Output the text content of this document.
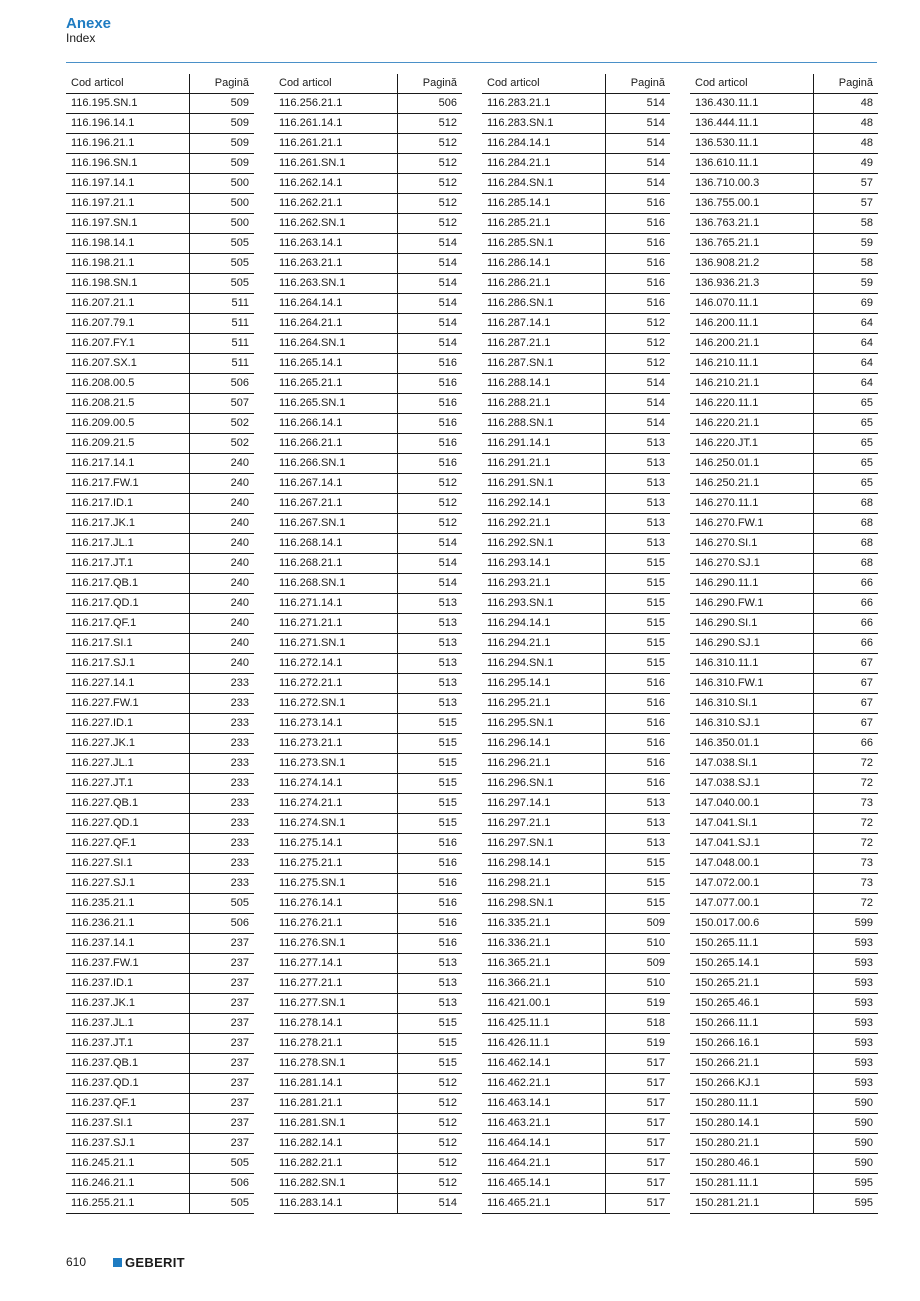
Anexe
Index
Cod articol	Pagină
116.195.SN.1	509
116.196.14.1	509
116.196.21.1	509
116.196.SN.1	509
116.197.14.1	500
116.197.21.1	500
116.197.SN.1	500
116.198.14.1	505
116.198.21.1	505
116.198.SN.1	505
116.207.21.1	511
116.207.79.1	511
116.207.FY.1	511
116.207.SX.1	511
116.208.00.5	506
116.208.21.5	507
116.209.00.5	502
116.209.21.5	502
116.217.14.1	240
116.217.FW.1	240
116.217.ID.1	240
116.217.JK.1	240
116.217.JL.1	240
116.217.JT.1	240
116.217.QB.1	240
116.217.QD.1	240
116.217.QF.1	240
116.217.SI.1	240
116.217.SJ.1	240
116.227.14.1	233
116.227.FW.1	233
116.227.ID.1	233
116.227.JK.1	233
116.227.JL.1	233
116.227.JT.1	233
116.227.QB.1	233
116.227.QD.1	233
116.227.QF.1	233
116.227.SI.1	233
116.227.SJ.1	233
116.235.21.1	505
116.236.21.1	506
116.237.14.1	237
116.237.FW.1	237
116.237.ID.1	237
116.237.JK.1	237
116.237.JL.1	237
116.237.JT.1	237
116.237.QB.1	237
116.237.QD.1	237
116.237.QF.1	237
116.237.SI.1	237
116.237.SJ.1	237
116.245.21.1	505
116.246.21.1	506
116.255.21.1	505
Cod articol	Pagină
116.256.21.1	506
116.261.14.1	512
116.261.21.1	512
116.261.SN.1	512
116.262.14.1	512
116.262.21.1	512
116.262.SN.1	512
116.263.14.1	514
116.263.21.1	514
116.263.SN.1	514
116.264.14.1	514
116.264.21.1	514
116.264.SN.1	514
116.265.14.1	516
116.265.21.1	516
116.265.SN.1	516
116.266.14.1	516
116.266.21.1	516
116.266.SN.1	516
116.267.14.1	512
116.267.21.1	512
116.267.SN.1	512
116.268.14.1	514
116.268.21.1	514
116.268.SN.1	514
116.271.14.1	513
116.271.21.1	513
116.271.SN.1	513
116.272.14.1	513
116.272.21.1	513
116.272.SN.1	513
116.273.14.1	515
116.273.21.1	515
116.273.SN.1	515
116.274.14.1	515
116.274.21.1	515
116.274.SN.1	515
116.275.14.1	516
116.275.21.1	516
116.275.SN.1	516
116.276.14.1	516
116.276.21.1	516
116.276.SN.1	516
116.277.14.1	513
116.277.21.1	513
116.277.SN.1	513
116.278.14.1	515
116.278.21.1	515
116.278.SN.1	515
116.281.14.1	512
116.281.21.1	512
116.281.SN.1	512
116.282.14.1	512
116.282.21.1	512
116.282.SN.1	512
116.283.14.1	514
Cod articol	Pagină
116.283.21.1	514
116.283.SN.1	514
116.284.14.1	514
116.284.21.1	514
116.284.SN.1	514
116.285.14.1	516
116.285.21.1	516
116.285.SN.1	516
116.286.14.1	516
116.286.21.1	516
116.286.SN.1	516
116.287.14.1	512
116.287.21.1	512
116.287.SN.1	512
116.288.14.1	514
116.288.21.1	514
116.288.SN.1	514
116.291.14.1	513
116.291.21.1	513
116.291.SN.1	513
116.292.14.1	513
116.292.21.1	513
116.292.SN.1	513
116.293.14.1	515
116.293.21.1	515
116.293.SN.1	515
116.294.14.1	515
116.294.21.1	515
116.294.SN.1	515
116.295.14.1	516
116.295.21.1	516
116.295.SN.1	516
116.296.14.1	516
116.296.21.1	516
116.296.SN.1	516
116.297.14.1	513
116.297.21.1	513
116.297.SN.1	513
116.298.14.1	515
116.298.21.1	515
116.298.SN.1	515
116.335.21.1	509
116.336.21.1	510
116.365.21.1	509
116.366.21.1	510
116.421.00.1	519
116.425.11.1	518
116.426.11.1	519
116.462.14.1	517
116.462.21.1	517
116.463.14.1	517
116.463.21.1	517
116.464.14.1	517
116.464.21.1	517
116.465.14.1	517
116.465.21.1	517
Cod articol	Pagină
136.430.11.1	48
136.444.11.1	48
136.530.11.1	48
136.610.11.1	49
136.710.00.3	57
136.755.00.1	57
136.763.21.1	58
136.765.21.1	59
136.908.21.2	58
136.936.21.3	59
146.070.11.1	69
146.200.11.1	64
146.200.21.1	64
146.210.11.1	64
146.210.21.1	64
146.220.11.1	65
146.220.21.1	65
146.220.JT.1	65
146.250.01.1	65
146.250.21.1	65
146.270.11.1	68
146.270.FW.1	68
146.270.SI.1	68
146.270.SJ.1	68
146.290.11.1	66
146.290.FW.1	66
146.290.SI.1	66
146.290.SJ.1	66
146.310.11.1	67
146.310.FW.1	67
146.310.SI.1	67
146.310.SJ.1	67
146.350.01.1	66
147.038.SI.1	72
147.038.SJ.1	72
147.040.00.1	73
147.041.SI.1	72
147.041.SJ.1	72
147.048.00.1	73
147.072.00.1	73
147.077.00.1	72
150.017.00.6	599
150.265.11.1	593
150.265.14.1	593
150.265.21.1	593
150.265.46.1	593
150.266.11.1	593
150.266.16.1	593
150.266.21.1	593
150.266.KJ.1	593
150.280.11.1	590
150.280.14.1	590
150.280.21.1	590
150.280.46.1	590
150.281.11.1	595
150.281.21.1	595
610	GEBERIT
